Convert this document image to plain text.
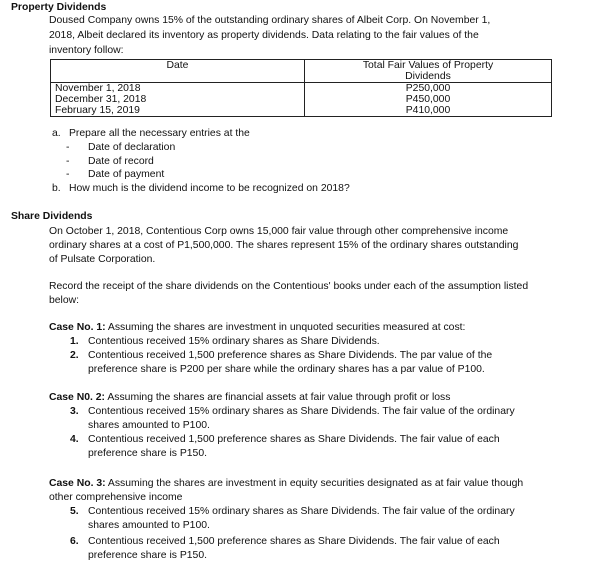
Property Dividends
Doused Company owns 15% of the outstanding ordinary shares of Albeit Corp. On November 1,
2018, Albeit declared its inventory as property dividends. Data relating to the fair values of the
inventory follow:
Date	Total Fair Values of Property
Dividends

November 1, 2018	P250,000
December 31, 2018	P450,000
February 15, 2019	P410,000
a. Prepare all the necessary entries at the
- Date of declaration
- Date of record
- Date of payment
b. How much is the dividend income to be recognized on 2018?
Share Dividends
On October 1, 2018, Contentious Corp owns 15,000 fair value through other comprehensive income
ordinary shares at a cost of P1,500,000. The shares represent 15% of the ordinary shares outstanding
of Pulsate Corporation.
Record the receipt of the share dividends on the Contentious' books under each of the assumption listed
below:
Case No. 1: Assuming the shares are investment in unquoted securities measured at cost:
1. Contentious received 15% ordinary shares as Share Dividends.
2. Contentious received 1,500 preference shares as Share Dividends. The par value of the
preference share is P200 per share while the ordinary shares has a par value of P100.
Case N0. 2: Assuming the shares are financial assets at fair value through profit or loss
3. Contentious received 15% ordinary shares as Share Dividends. The fair value of the ordinary
shares amounted to P100.
4. Contentious received 1,500 preference shares as Share Dividends. The fair value of each
preference share is P150.
Case No. 3: Assuming the shares are investment in equity securities designated as at fair value though
other comprehensive income
5. Contentious received 15% ordinary shares as Share Dividends. The fair value of the ordinary
shares amounted to P100.
6. Contentious received 1,500 preference shares as Share Dividends. The fair value of each
preference share is P150.
